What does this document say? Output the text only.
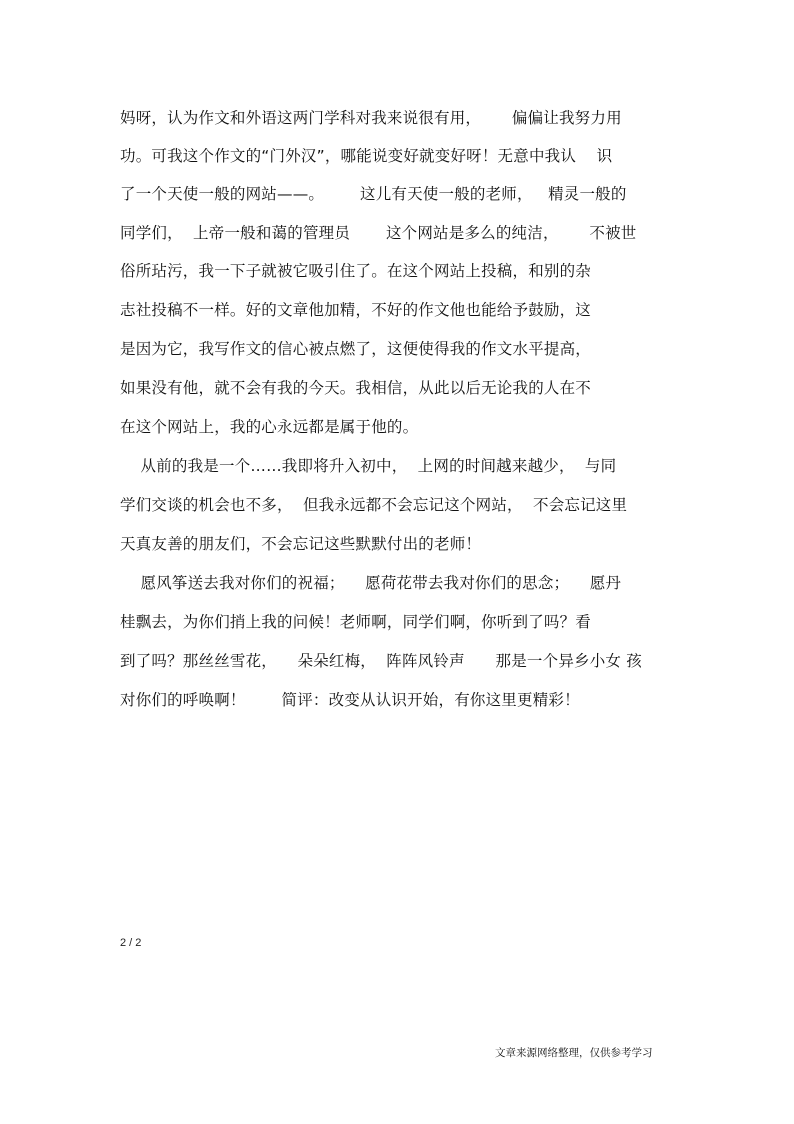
妈呀，认为作文和外语这两门学科对我来说很有用，      偏偏让我努力用
功。可我这个作文的“门外汉”，哪能说变好就变好呀！无意中我认    识
了一个天使一般的网站——。       这儿有天使一般的老师，   精灵一般的
同学们，  上帝一般和蔼的管理员       这个网站是多么的纯洁，      不被世
俗所玷污，我一下子就被它吸引住了。在这个网站上投稿，和别的杂
志社投稿不一样。好的文章他加精，不好的作文他也能给予鼓励，这
是因为它，我写作文的信心被点燃了，这便使得我的作文水平提高，
如果没有他，就不会有我的今天。我相信，从此以后无论我的人在不
在这个网站上，我的心永远都是属于他的。
从前的我是一个……我即将升入初中，  上网的时间越来越少，  与同
学们交谈的机会也不多，  但我永远都不会忘记这个网站，  不会忘记这里
天真友善的朋友们，不会忘记这些默默付出的老师！
愿风筝送去我对你们的祝福；    愿荷花带去我对你们的思念；    愿丹
桂飘去，为你们捎上我的问候！老师啊，同学们啊，你听到了吗？看
到了吗？那丝丝雪花，    朵朵红梅，  阵阵风铃声      那是一个异乡小女 孩
对你们的呼唤啊！       简评：改变从认识开始，有你这里更精彩！
2 / 2
文章来源网络整理，仅供参考学习
